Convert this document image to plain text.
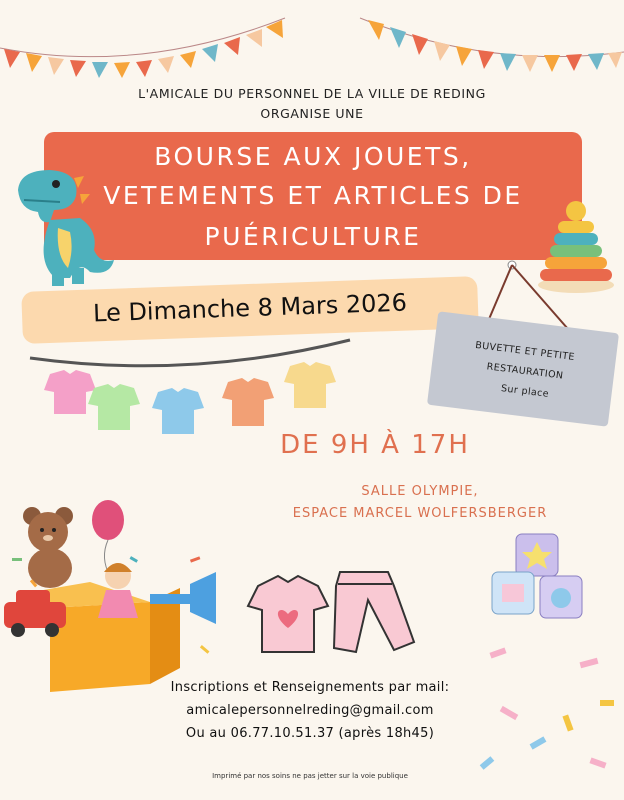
L'AMICALE DU PERSONNEL DE LA VILLE DE REDING
ORGANISE UNE
BOURSE AUX JOUETS,
VETEMENTS ET ARTICLES DE
PUÉRICULTURE
Le Dimanche 8 Mars 2026
BUVETTE ET PETITE
RESTAURATION
Sur place
DE 9H À 17H
SALLE OLYMPIE,
ESPACE MARCEL WOLFERSBERGER
Inscriptions et Renseignements par mail:
amicalepersonnelreding@gmail.com
Ou au 06.77.10.51.37 (après 18h45)
Imprimé par nos soins ne pas jetter sur la voie publique
